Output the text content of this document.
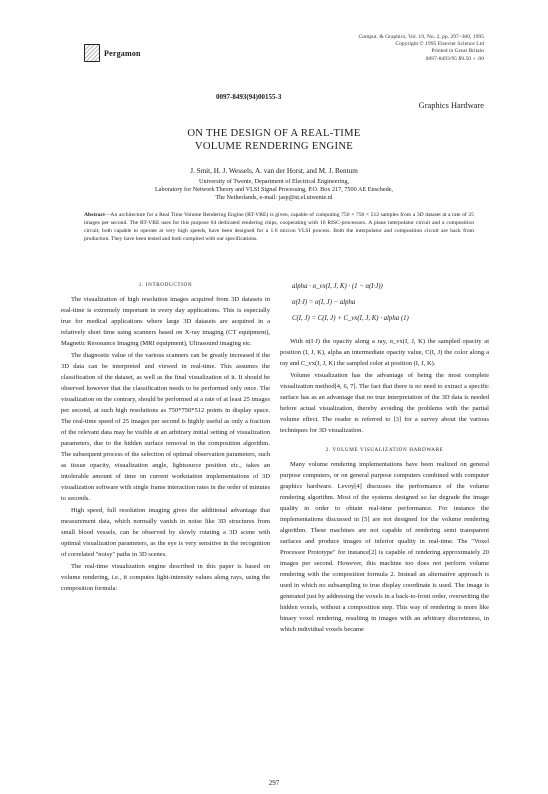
Pergamon
Comput. & Graphics, Vol. 19, No. 2, pp. 297–300, 1995
Copyright © 1995 Elsevier Science Ltd
Printed in Great Britain
0097-8493/95 $9.50 + .00
0097-8493(94)00155-3
Graphics Hardware
ON THE DESIGN OF A REAL-TIME
VOLUME RENDERING ENGINE
J. Smit, H. J. Wessels, A. van der Horst, and M. J. Bentum
University of Twente, Department of Electrical Engineering,
Laboratory for Network Theory and VLSI Signal Processing, P.O. Box 217, 7500 AE Enschede,
The Netherlands, e-mail: jasp@nt.el.utwente.nl
Abstract—An architecture for a Real Time Volume Rendering Engine (RT-VRE) is given, capable of computing 750 × 750 × 512 samples from a 3D dataset at a rate of 25 images per second. The RT-VRE uses for this purpose 64 dedicated rendering chips, cooperating with 16 RISC-processors. A plane interpolator circuit and a composition circuit, both capable to operate at very high speeds, have been designed for a 1.6 micron VLSI process. Both the interpolator and composition circuit are back from production. They have been tested and both complied with our specifications.
1. INTRODUCTION

The visualization of high resolution images acquired from 3D datasets in real-time is extremely important in every day applications. This is especially true for medical applications where large 3D datasets are acquired in a relatively short time using scanners based on X-ray imaging (CT equipment), Magnetic Resonance Imaging (MRI equipment), Ultrasound imaging etc.

The diagnostic value of the various scanners can be greatly increased if the 3D data can be interpreted and viewed in real-time. This assumes the classification of the dataset, as well as the final visualization of it. It should be observed however that the classification needs to be performed only once. The visualization on the contrary, should be performed at a rate of at least 25 images per second, at such high resolutions as 750*750*512 points in display space. The real-time speed of 25 images per second is highly useful as only a fraction of the relevant data may be visible at an arbitrary initial setting of visualization parameters, due to the hidden surface removal in the composition algorithm. The subsequent process of the selection of optimal observation parameters, such as tissue opacity, visualization angle, lightsource position etc., takes an intolerable amount of time on current workstation implementations of 3D visualization software with single frame interaction rates in the order of minutes to seconds.

High speed, full resolution imaging gives the additional advantage that measurement data, which normally vanish in noise like 3D structures from small blood vessels, can be observed by slowly rotating a 3D scene with optimal visualization parameters, as the eye is very sensitive in the recognition of correlated "noisy" paths in 3D scenes.

The real-time visualization engine described in this paper is based on volume rendering, i.e., it computes light-intensity values along rays, using the composition formula:

alpha · α_vx(I, J, K) · (1 − α(I·J))
α(I·J) = α(I, J) − alpha
C(I, J) = C(I, J) + C_vx(I, J, K) · alpha (1)

With α(I·J) the opacity along a ray, α_vx(I, J, K) the sampled opacity at position (I, J, K), alpha an intermediate opacity value, C(I, J) the color along a ray and C_vx(I, J, K) the sampled color at position (I, J, K).

Volume visualization has the advantage of being the most complete visualization method[4, 6, 7]. The fact that there is no need to extract a specific surface has as an advantage that no true interpretation of the 3D data is needed before actual visualization, thereby avoiding the problems with the partial volume effect. The reader is referred to [3] for a survey about the various techniques for 3D visualization.

2. VOLUME VISUALIZATION HARDWARE

Many volume rendering implementations have been realized on general purpose computers, or on general purpose computers combined with computer graphics hardware. Levoy[4] discusses the performance of the volume rendering algorithm. Most of the systems designed so far degrade the image quality in order to obtain real-time performance. For instance the implementations discussed in [5] are not designed for the volume rendering algorithm. These machines are not capable of rendering semi transparent surfaces and produce images of inferior quality in real-time. The "Voxel Processor Prototype" for instance[2] is capable of rendering approximately 20 images per second. However, this machine too does not perform volume rendering with the composition formula 2. Instead an alternative approach is used in which no subsampling to true display coordinate is used. The image is generated just by addressing the voxels in a back-to-front order, overwriting the hidden voxels, without a composition step. This way of rendering is more like binary voxel rendering, resulting in images with an arbitrary discreteness, in which individual voxels became

297
